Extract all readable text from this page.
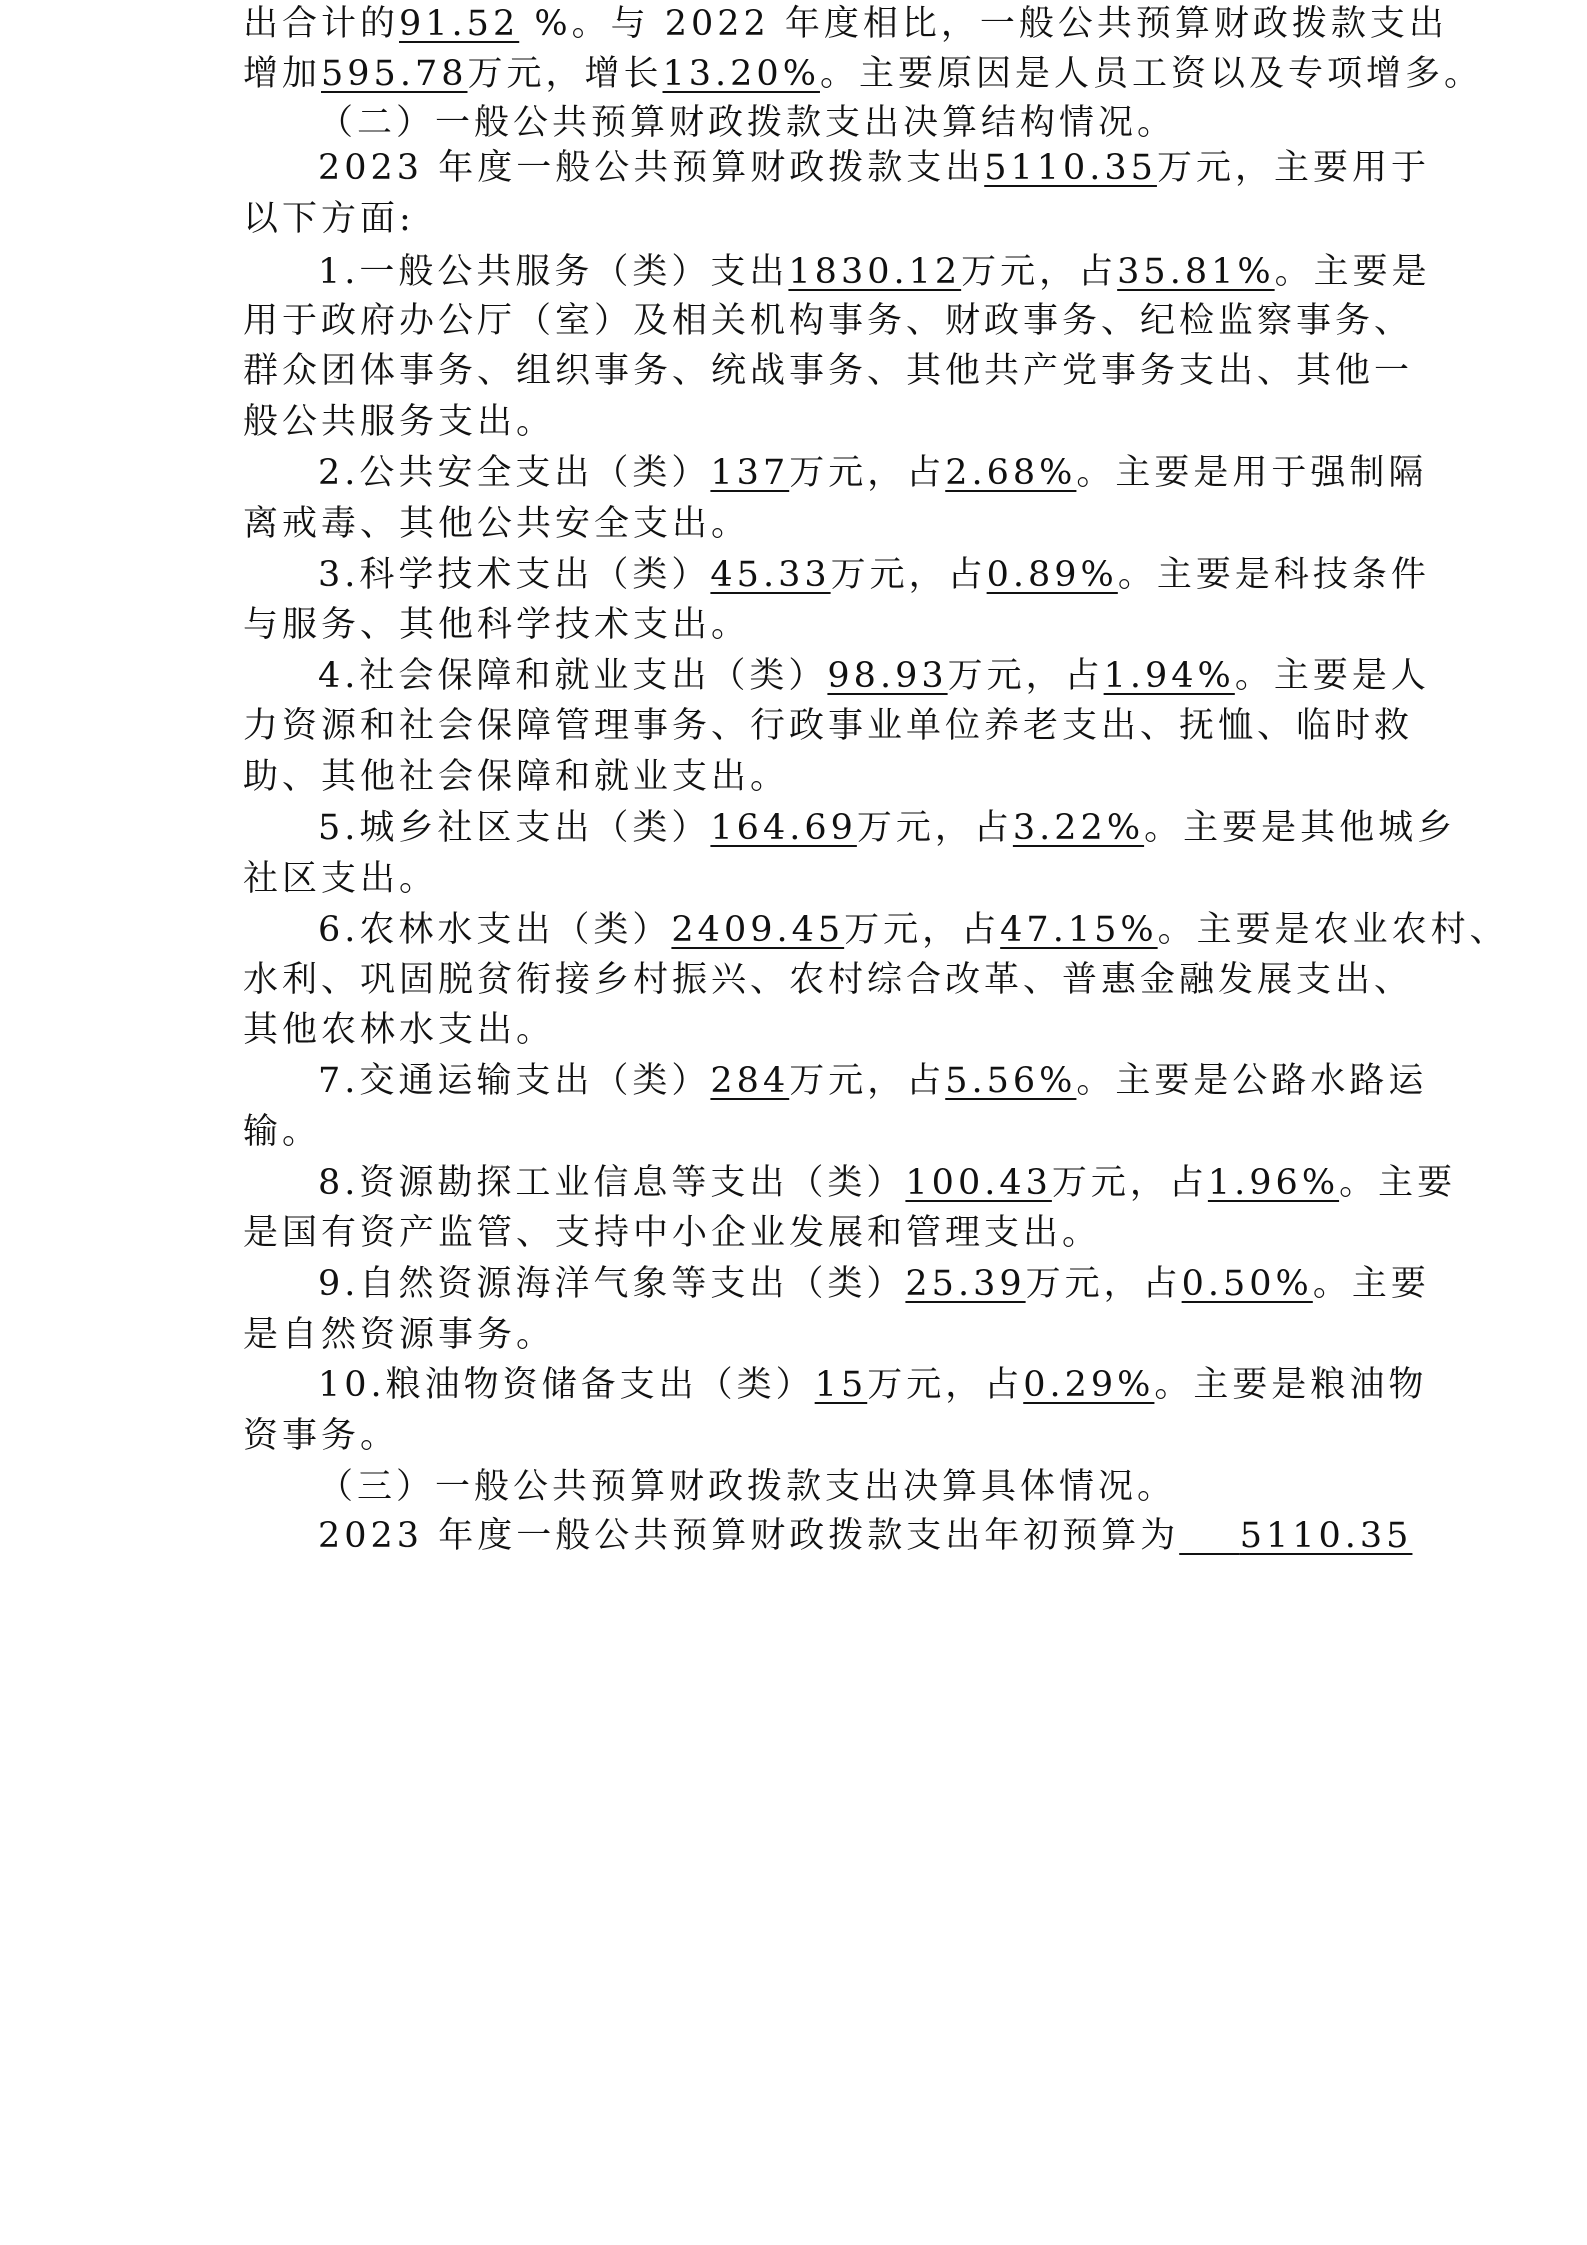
出合计的91.52 %。与 2022 年度相比，一般公共预算财政拨款支出
增加595.78万元，增长13.20%。主要原因是人员工资以及专项增多。
（二）一般公共预算财政拨款支出决算结构情况。
2023 年度一般公共预算财政拨款支出5110.35万元，主要用于
以下方面:
1.一般公共服务（类）支出1830.12万元，占35.81%。主要是
用于政府办公厅（室）及相关机构事务、财政事务、纪检监察事务、
群众团体事务、组织事务、统战事务、其他共产党事务支出、其他一
般公共服务支出。
2.公共安全支出（类）137万元，占2.68%。主要是用于强制隔
离戒毒、其他公共安全支出。
3.科学技术支出（类）45.33万元，占0.89%。主要是科技条件
与服务、其他科学技术支出。
4.社会保障和就业支出（类）98.93万元，占1.94%。主要是人
力资源和社会保障管理事务、行政事业单位养老支出、抚恤、临时救
助、其他社会保障和就业支出。
5.城乡社区支出（类）164.69万元，占3.22%。主要是其他城乡
社区支出。
6.农林水支出（类）2409.45万元，占47.15%。主要是农业农村、
水利、巩固脱贫衔接乡村振兴、农村综合改革、普惠金融发展支出、
其他农林水支出。
7.交通运输支出（类）284万元，占5.56%。主要是公路水路运
输。
8.资源勘探工业信息等支出（类）100.43万元，占1.96%。主要
是国有资产监管、支持中小企业发展和管理支出。
9.自然资源海洋气象等支出（类）25.39万元，占0.50%。主要
是自然资源事务。
10.粮油物资储备支出（类）15万元，占0.29%。主要是粮油物
资事务。
（三）一般公共预算财政拨款支出决算具体情况。
2023 年度一般公共预算财政拨款支出年初预算为 5110.35
